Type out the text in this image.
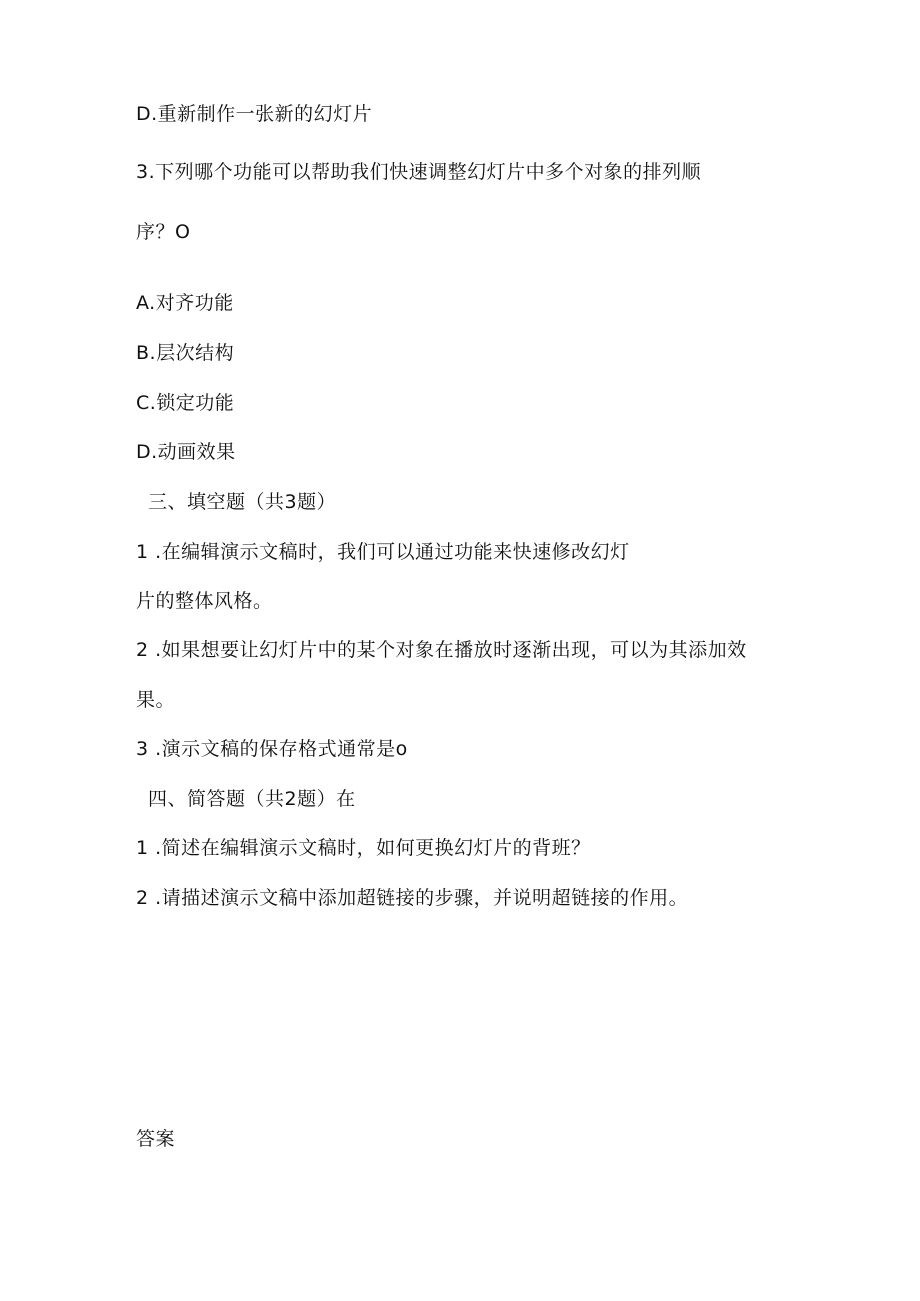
D.重新制作一张新的幻灯片
3.下列哪个功能可以帮助我们快速调整幻灯片中多个对象的排列顺
序？O
A.对齐功能
B.层次结构
C.锁定功能
D.动画效果
三、填空题（共3题）
1 .在编辑演示文稿时，我们可以通过功能来快速修改幻灯
片的整体风格。
2 .如果想要让幻灯片中的某个对象在播放时逐渐出现，可以为其添加效
果。
3 .演示文稿的保存格式通常是o
四、简答题（共2题）在
1 .简述在编辑演示文稿时，如何更换幻灯片的背班？
2 .请描述演示文稿中添加超链接的步骤，并说明超链接的作用。
答案
